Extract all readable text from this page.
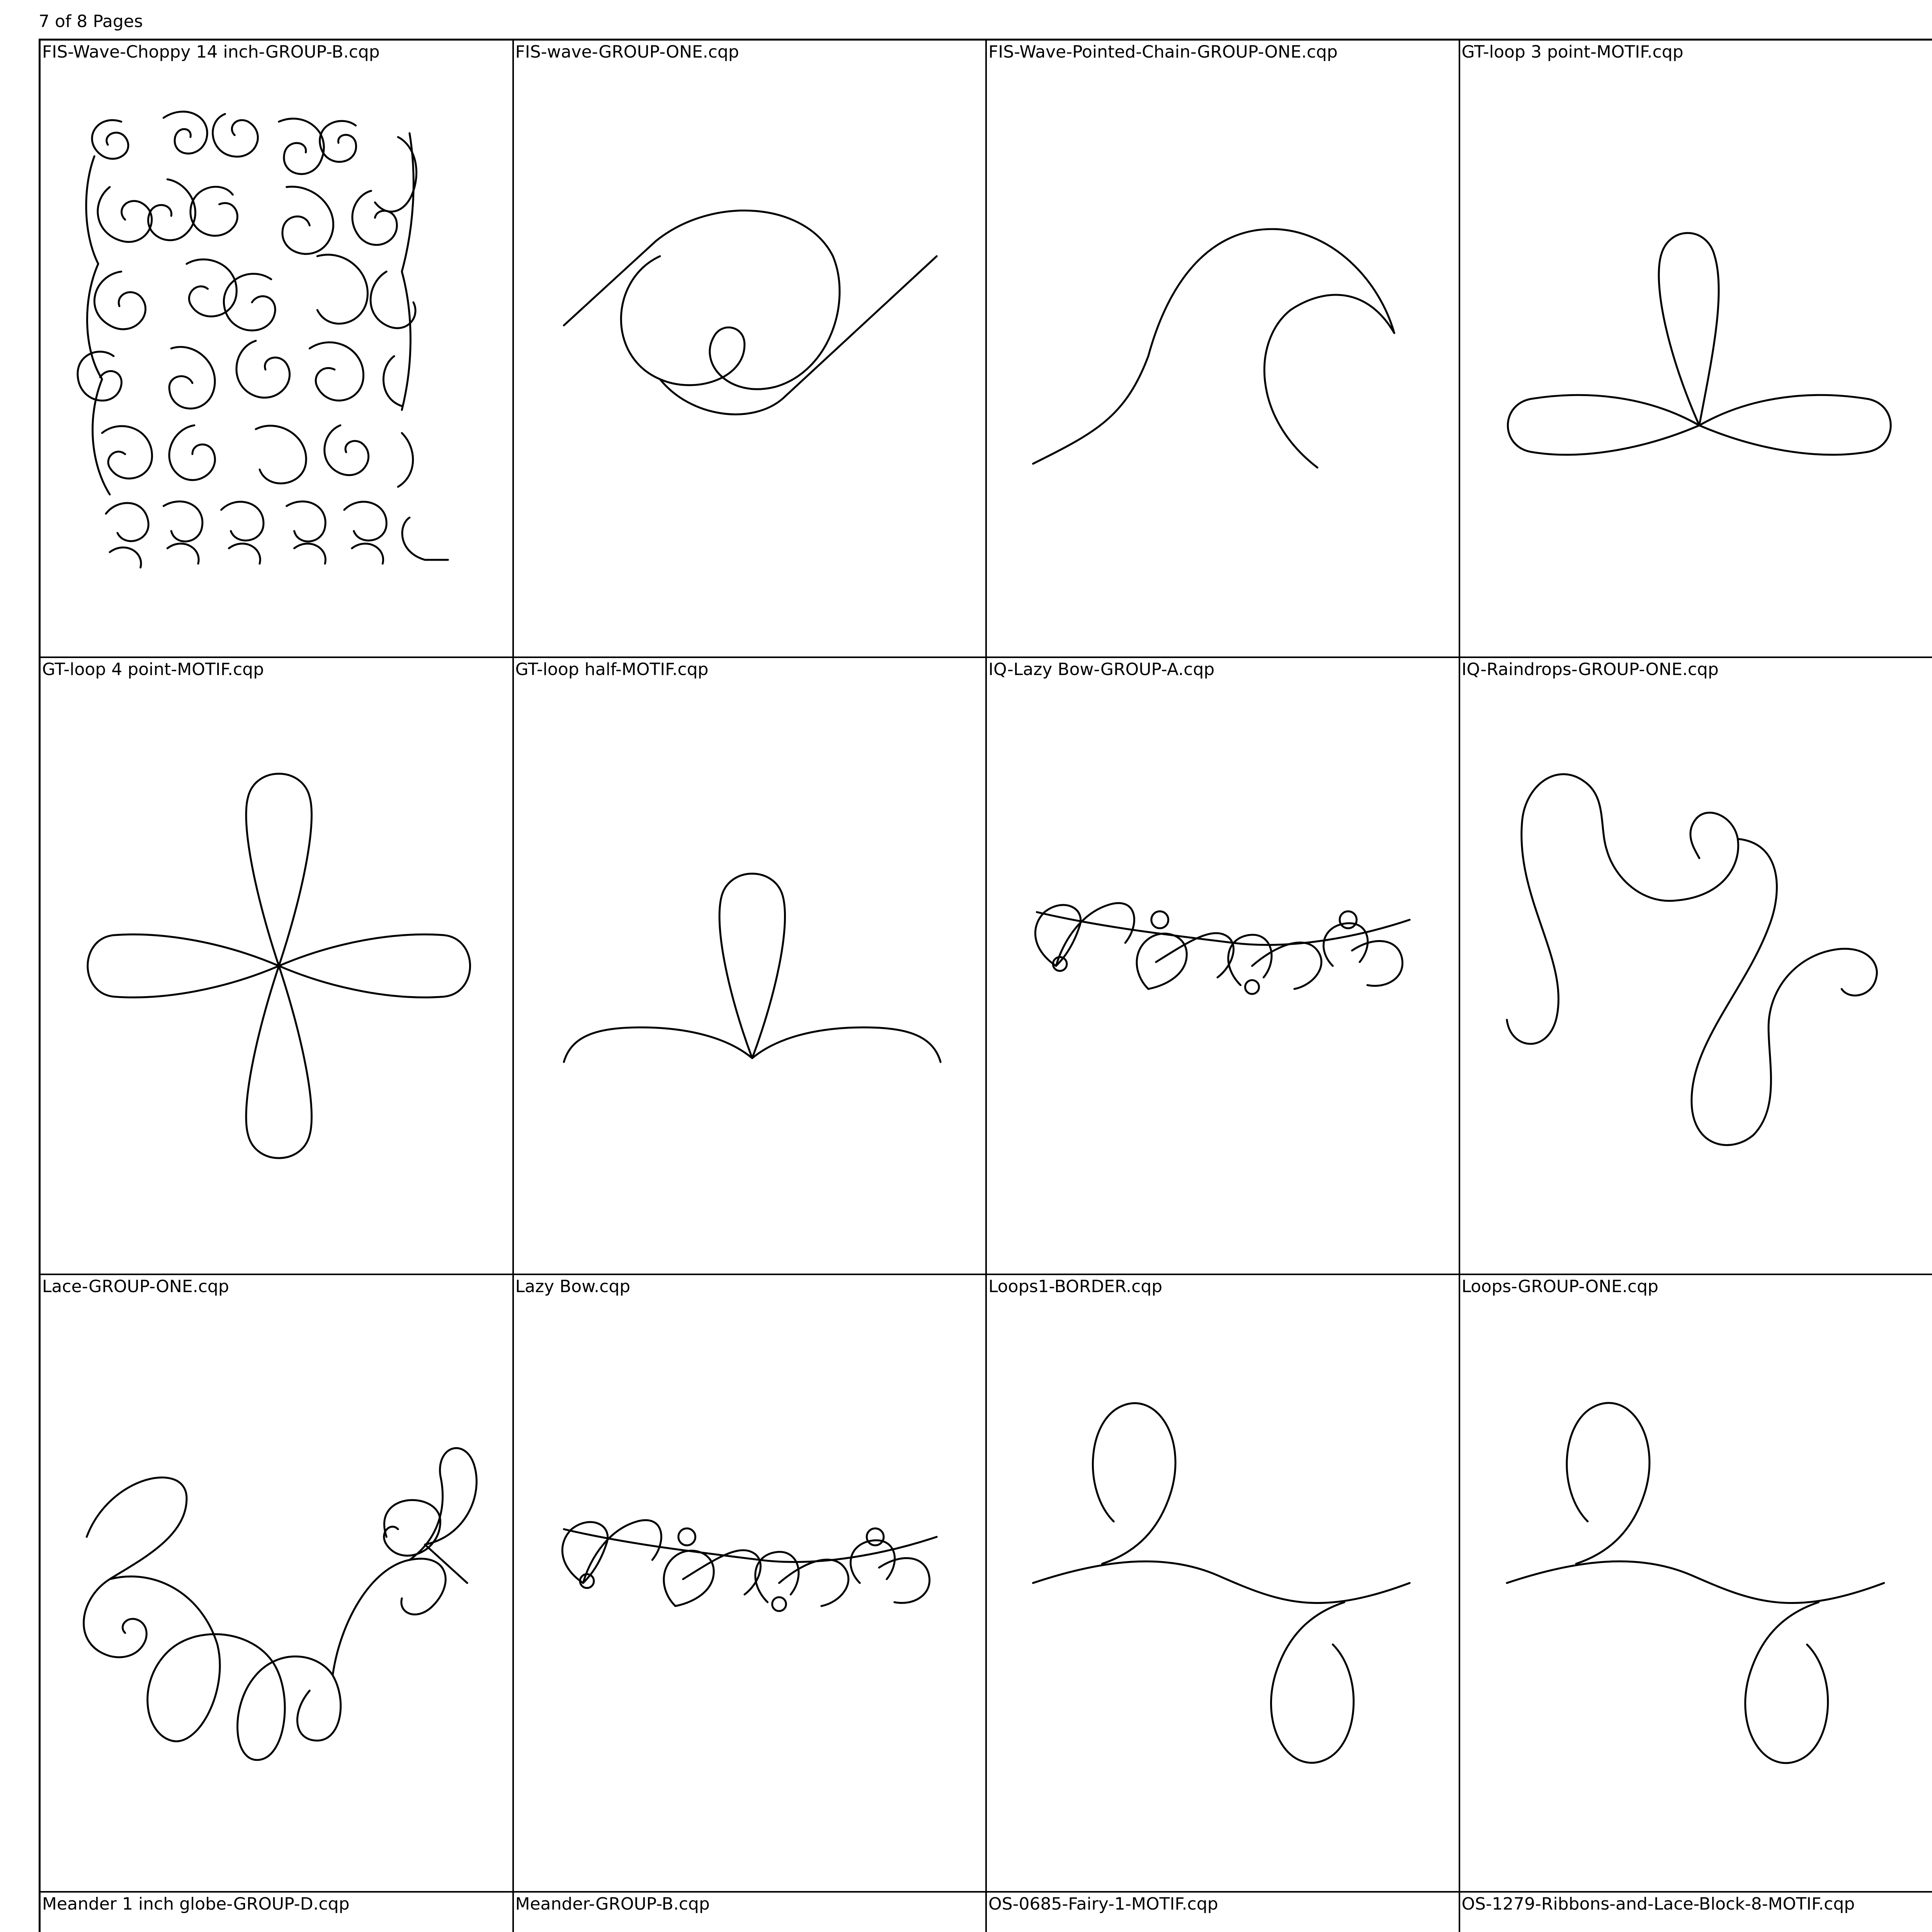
7 of 8 Pages
FIS-Wave-Choppy 14 inch-GROUP-B.cqp	FIS-wave-GROUP-ONE.cqp	FIS-Wave-Pointed-Chain-GROUP-ONE.cqp	GT-loop 3 point-MOTIF.cqp
GT-loop 4 point-MOTIF.cqp	GT-loop half-MOTIF.cqp	IQ-Lazy Bow-GROUP-A.cqp	IQ-Raindrops-GROUP-ONE.cqp
Lace-GROUP-ONE.cqp	Lazy Bow.cqp	Loops1-BORDER.cqp	Loops-GROUP-ONE.cqp
Meander 1 inch globe-GROUP-D.cqp	Meander-GROUP-B.cqp	OS-0685-Fairy-1-MOTIF.cqp	OS-1279-Ribbons-and-Lace-Block-8-MOTIF.cqp
